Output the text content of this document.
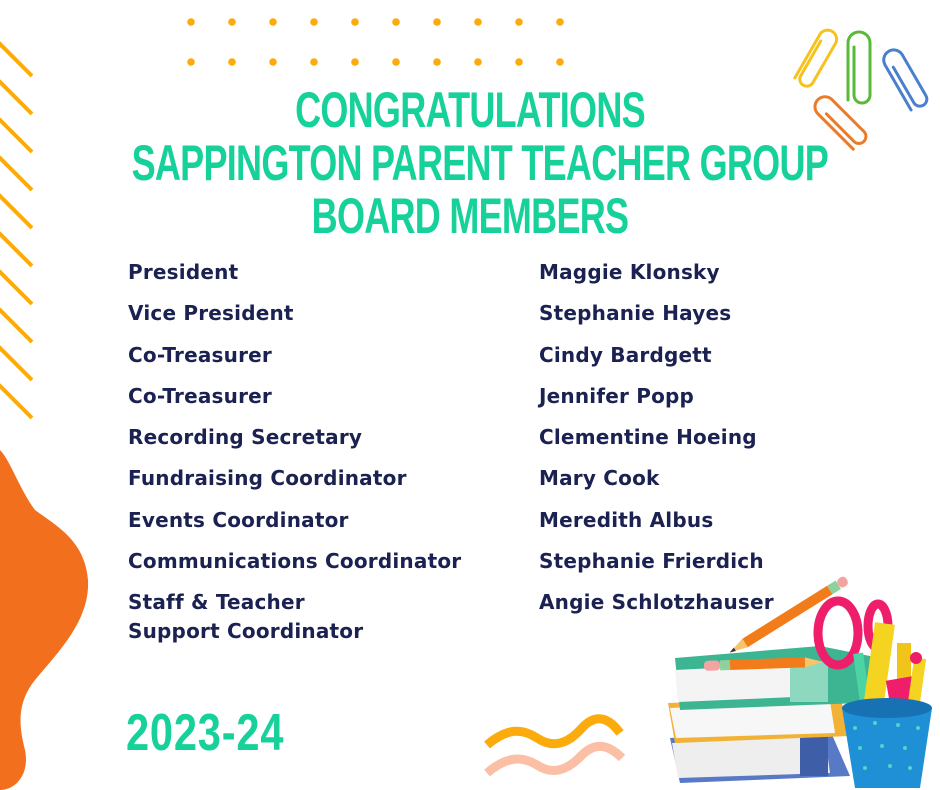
CONGRATULATIONS
SAPPINGTON PARENT TEACHER GROUP
BOARD MEMBERS
President
Vice President
Co-Treasurer
Co-Treasurer
Recording Secretary
Fundraising Coordinator
Events Coordinator
Communications Coordinator
Staff & Teacher
Support Coordinator
Maggie Klonsky
Stephanie Hayes
Cindy Bardgett
Jennifer Popp
Clementine Hoeing
Mary Cook
Meredith Albus
Stephanie Frierdich
Angie Schlotzhauser
2023-24
